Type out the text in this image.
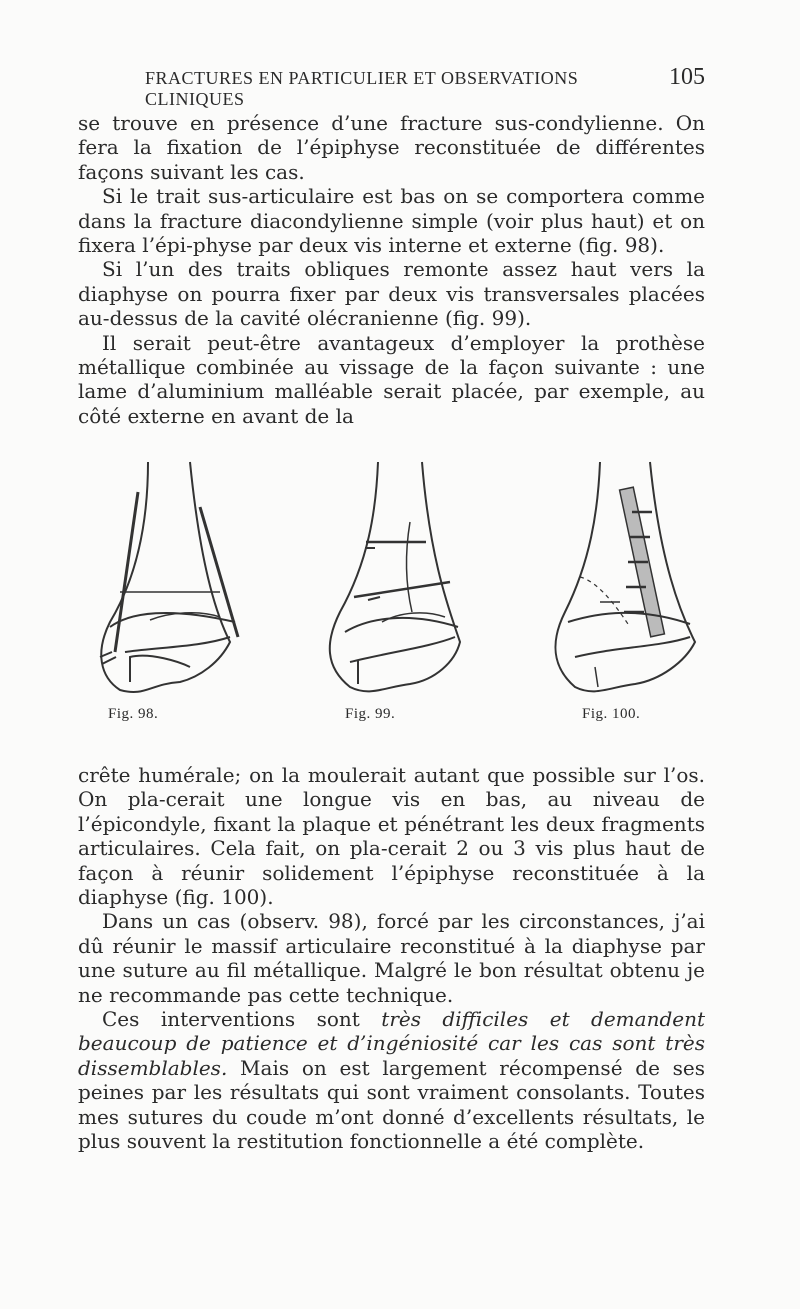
FRACTURES EN PARTICULIER ET OBSERVATIONS CLINIQUES
105

se trouve en présence d’une fracture sus-condylienne. On fera la fixation de l’épiphyse reconstituée de différentes façons suivant les cas.

Si le trait sus-articulaire est bas on se comportera comme dans la fracture diacondylienne simple (voir plus haut) et on fixera l’épi-physe par deux vis interne et externe (fig. 98).

Si l’un des traits obliques remonte assez haut vers la diaphyse on pourra fixer par deux vis transversales placées au-dessus de la cavité olécranienne (fig. 99).

Il serait peut-être avantageux d’employer la prothèse métallique combinée au vissage de la façon suivante : une lame d’aluminium malléable serait placée, par exemple, au côté externe en avant de la

Fig. 98.	Fig. 99.	Fig. 100.

crête humérale; on la moulerait autant que possible sur l’os. On pla-cerait une longue vis en bas, au niveau de l’épicondyle, fixant la plaque et pénétrant les deux fragments articulaires. Cela fait, on pla-cerait 2 ou 3 vis plus haut de façon à réunir solidement l’épiphyse reconstituée à la diaphyse (fig. 100).

Dans un cas (observ. 98), forcé par les circonstances, j’ai dû réunir le massif articulaire reconstitué à la diaphyse par une suture au fil métallique. Malgré le bon résultat obtenu je ne recommande pas cette technique.

Ces interventions sont très difficiles et demandent beaucoup de patience et d’ingéniosité car les cas sont très dissemblables. Mais on est largement récompensé de ses peines par les résultats qui sont vraiment consolants. Toutes mes sutures du coude m’ont donné d’excellents résultats, le plus souvent la restitution fonctionnelle a été complète.
